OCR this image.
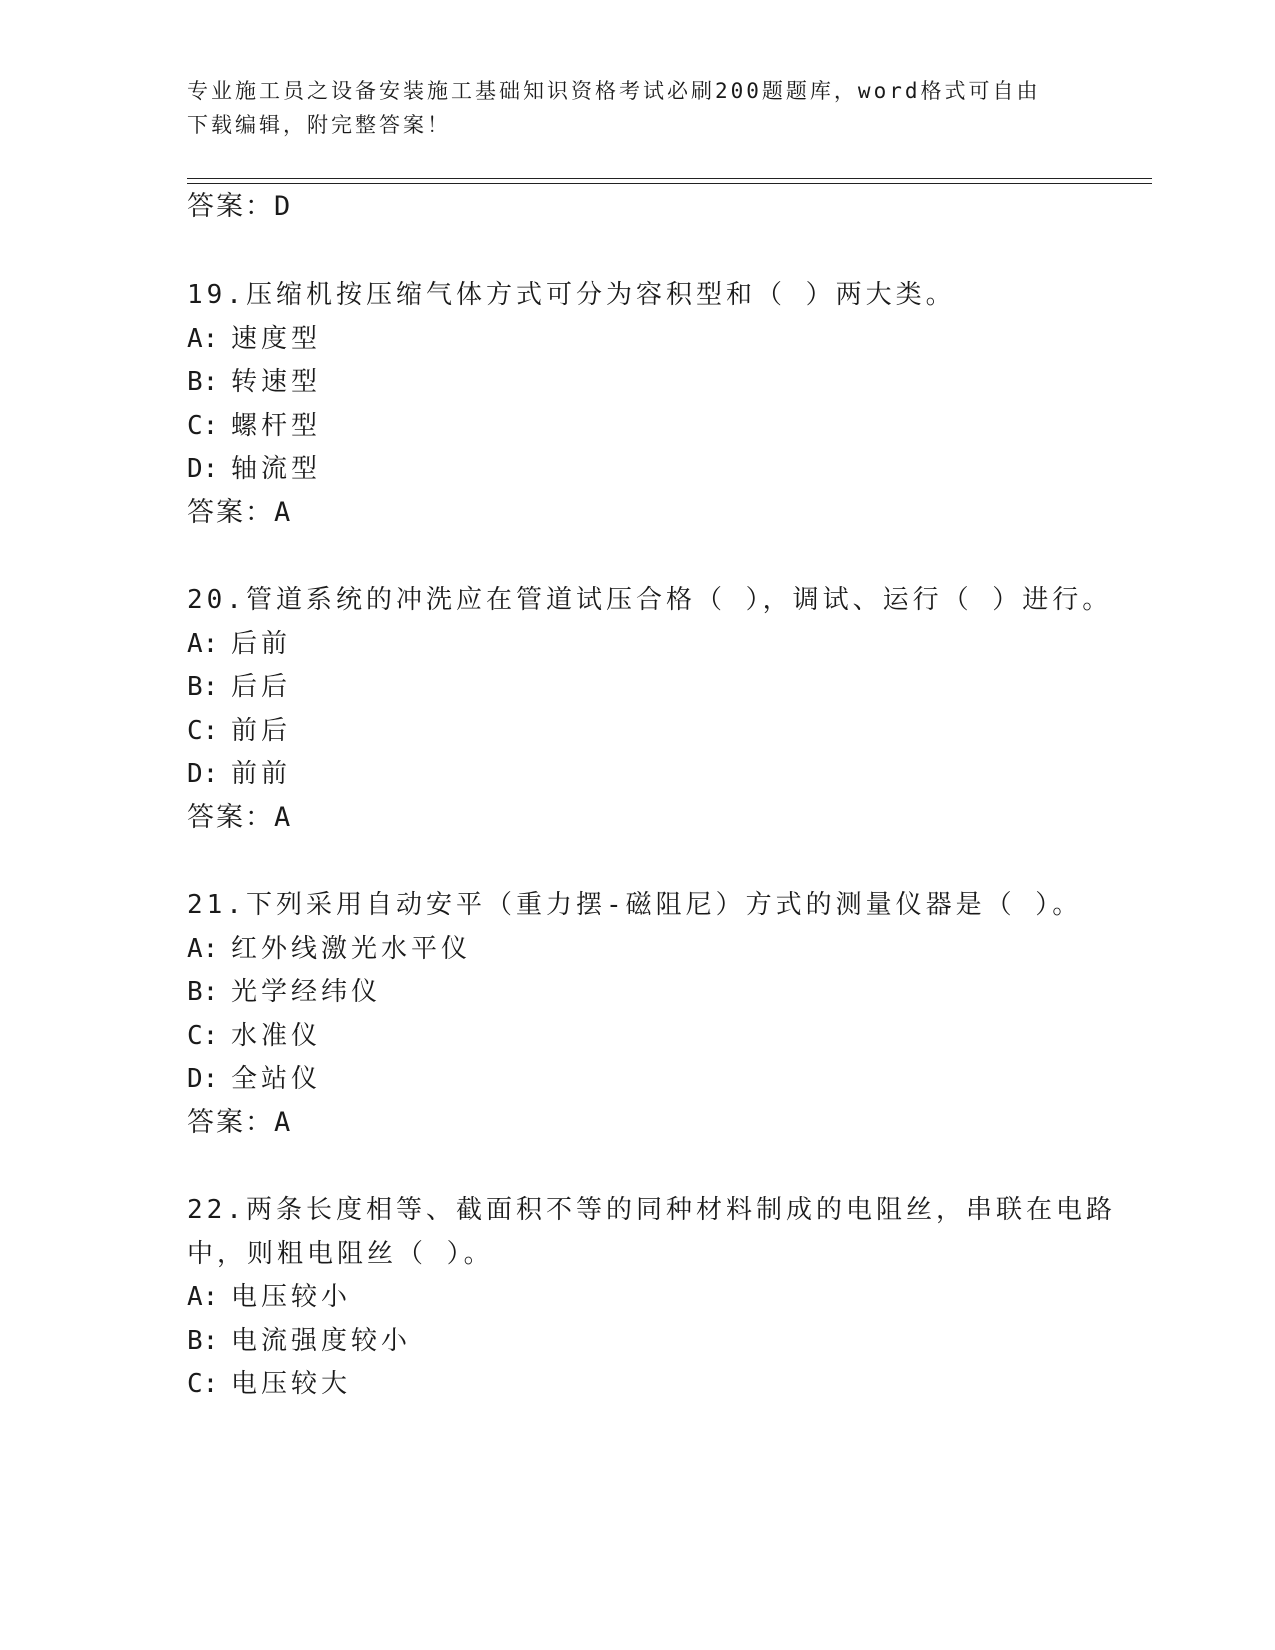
专业施工员之设备安装施工基础知识资格考试必刷200题题库，word格式可自由
下载编辑，附完整答案！
答案：D
19.压缩机按压缩气体方式可分为容积型和（ ）两大类。
A: 速度型
B: 转速型
C: 螺杆型
D: 轴流型
答案：A
20.管道系统的冲洗应在管道试压合格（ ），调试、运行（ ）进行。
A: 后前
B: 后后
C: 前后
D: 前前
答案：A
21.下列采用自动安平（重力摆-磁阻尼）方式的测量仪器是（ ）。
A: 红外线激光水平仪
B: 光学经纬仪
C: 水准仪
D: 全站仪
答案：A
22.两条长度相等、截面积不等的同种材料制成的电阻丝，串联在电路
中，则粗电阻丝（ ）。
A: 电压较小
B: 电流强度较小
C: 电压较大
